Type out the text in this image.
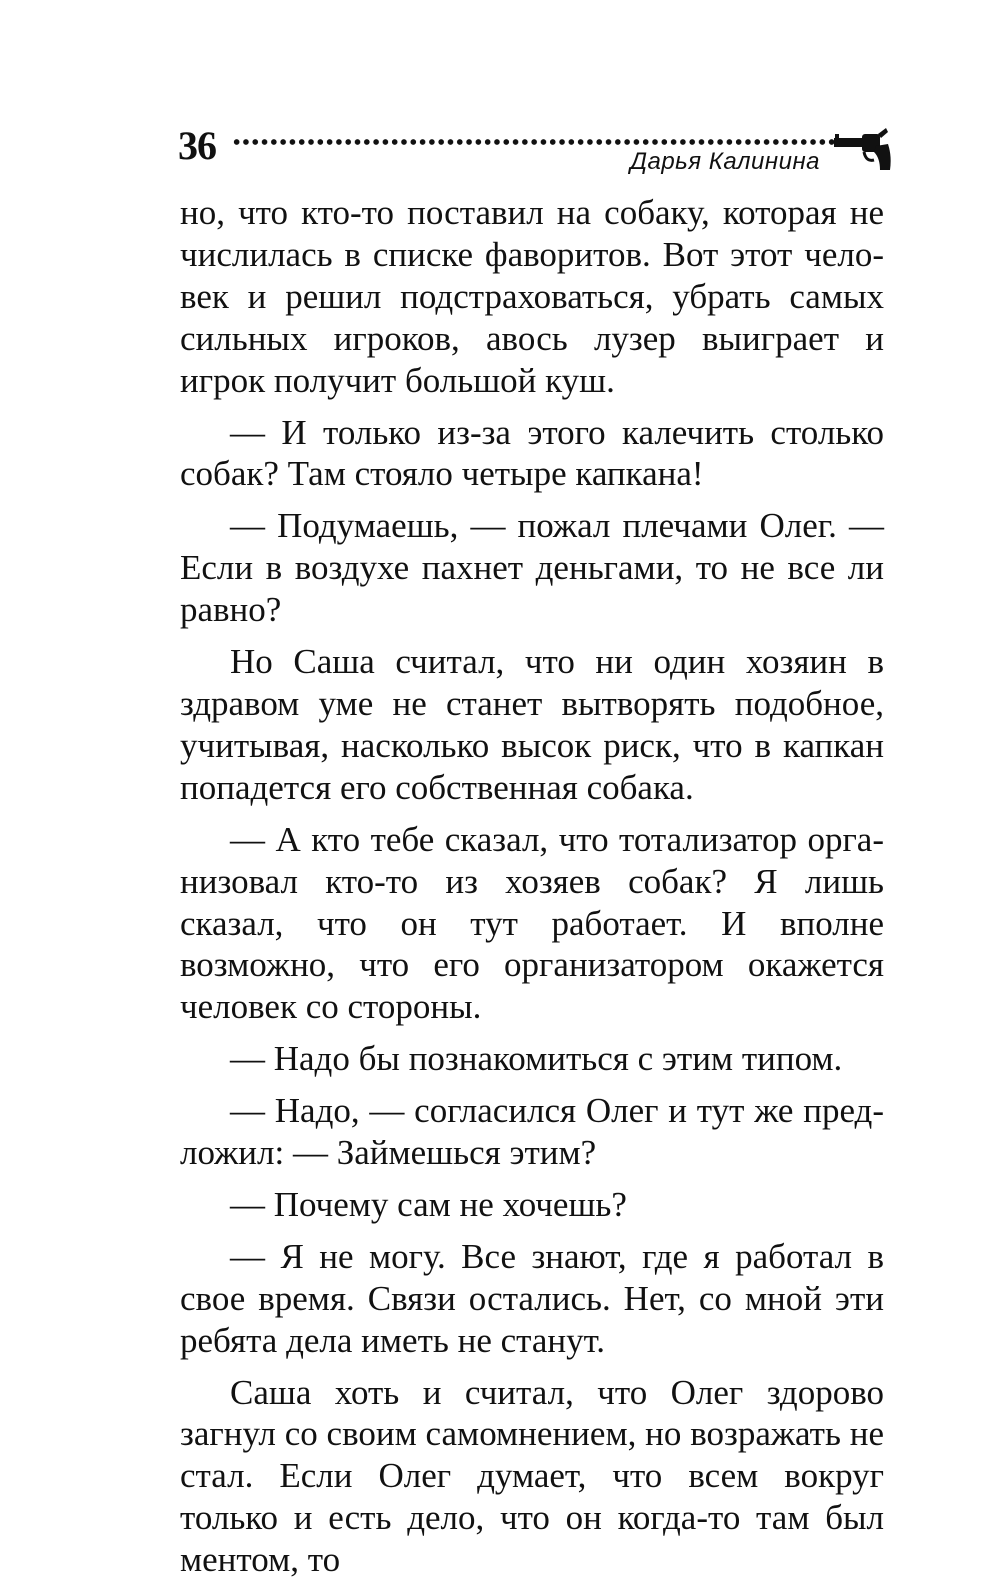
36	Дарья Калинина

но, что кто-то поставил на собаку, которая не числилась в списке фаворитов. Вот этот человек и решил подстраховаться, убрать самых сильных игроков, авось лузер выиграет и игрок получит большой куш.

— И только из-за этого калечить столько собак? Там стояло четыре капкана!

— Подумаешь, — пожал плечами Олег. — Если в воздухе пахнет деньгами, то не все ли равно?

Но Саша считал, что ни один хозяин в здравом уме не станет вытворять подобное, учитывая, насколько высок риск, что в капкан попадется его собственная собака.

— А кто тебе сказал, что тотализатор организовал кто-то из хозяев собак? Я лишь сказал, что он тут работает. И вполне возможно, что его организатором окажется человек со стороны.

— Надо бы познакомиться с этим типом.

— Надо, — согласился Олег и тут же предложил: — Займешься этим?

— Почему сам не хочешь?

— Я не могу. Все знают, где я работал в свое время. Связи остались. Нет, со мной эти ребята дела иметь не станут.

Саша хоть и считал, что Олег здорово загнул со своим самомнением, но возражать не стал. Если Олег думает, что всем вокруг только и есть дело, что он когда-то там был ментом, то
